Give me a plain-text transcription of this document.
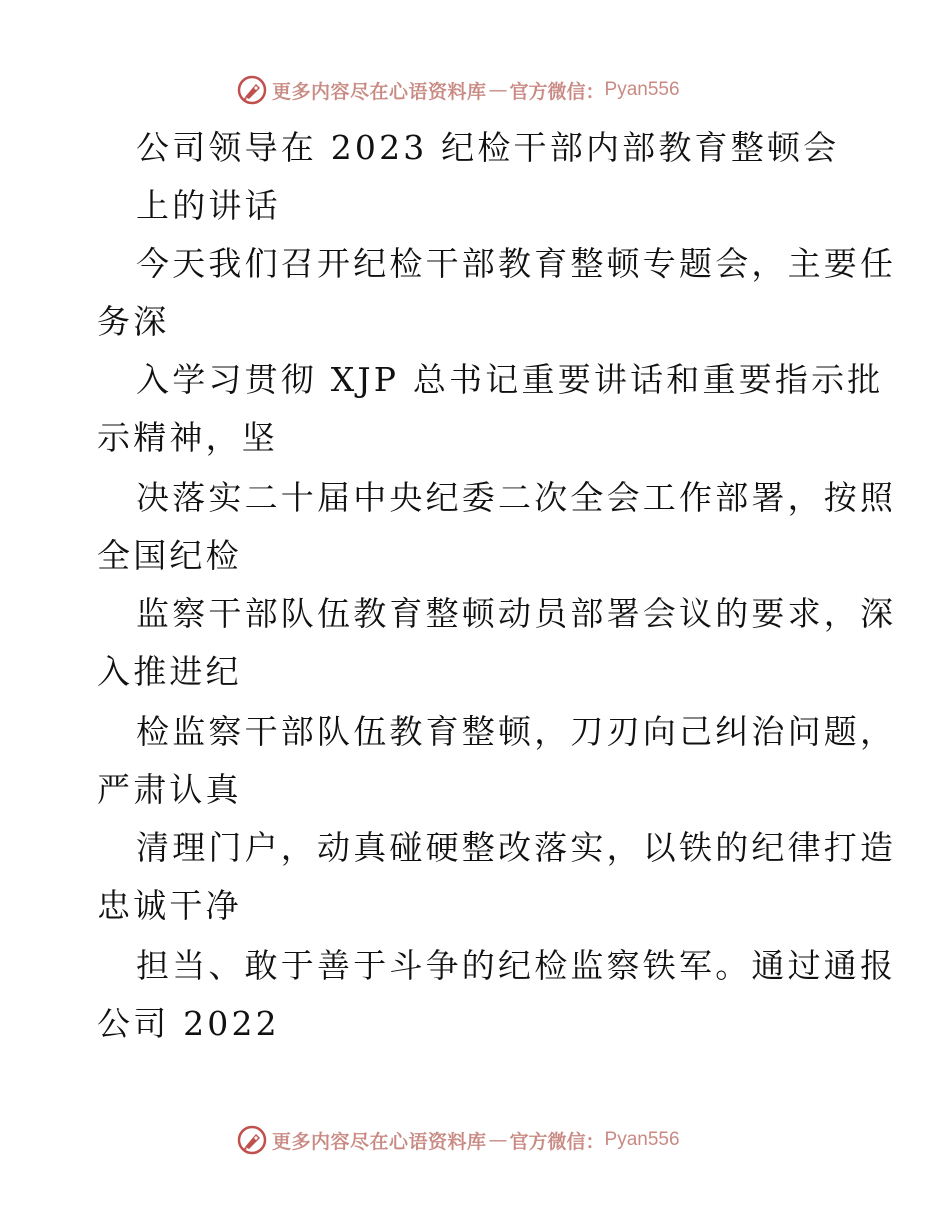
更多内容尽在心语资料库 — 官方微信： Pyan556
公司领导在 2023 纪检干部内部教育整顿会
上的讲话
今天我们召开纪检干部教育整顿专题会，主要任
务深
入学习贯彻 XJP 总书记重要讲话和重要指示批
示精神，坚
决落实二十届中央纪委二次全会工作部署，按照
全国纪检
监察干部队伍教育整顿动员部署会议的要求，深
入推进纪
检监察干部队伍教育整顿，刀刃向己纠治问题，
严肃认真
清理门户，动真碰硬整改落实，以铁的纪律打造
忠诚干净
担当、敢于善于斗争的纪检监察铁军。通过通报
公司 2022
更多内容尽在心语资料库 — 官方微信： Pyan556
